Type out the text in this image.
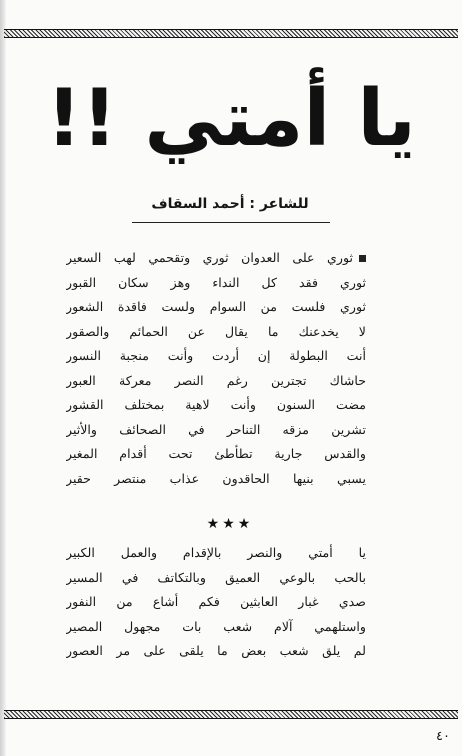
يا أمتي !!
للشاعر : أحمد السقاف
ثوري على العدوان ثوري وتقحمي لهب السعير
ثوري فقد كل النداء وهز سكان القبور
ثوري فلست من السوام ولست فاقدة الشعور
لا يخدعنك ما يقال عن الحمائم والصقور
أنت البطولة إن أردت وأنت منجبة النسور
حاشاك تجترين رغم النصر معركة العبور
مضت السنون وأنت لاهية بمختلف القشور
تشرين مزقه التناحر في الصحائف والأثير
والقدس جارية تطأطئ تحت أقدام المغير
يسبي بنيها الحاقدون عذاب منتصر حقير
★★★
يا أمتي والنصر بالإقدام والعمل الكبير
بالحب بالوعي العميق وبالتكاتف في المسير
صدي غبار العابثين فكم أشاع من النفور
واستلهمي آلام شعب بات مجهول المصير
لم يلق شعب بعض ما يلقى على مر العصور
٤٠
